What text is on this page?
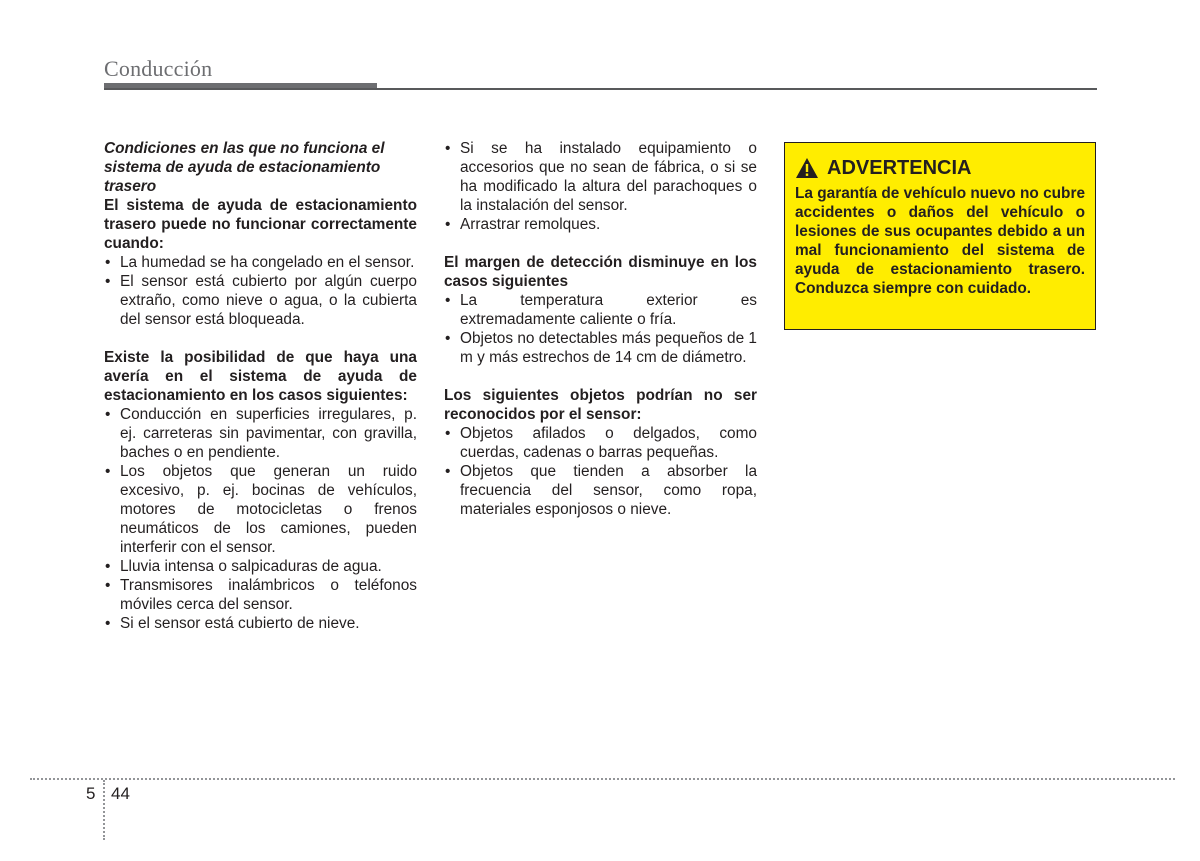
Conducción

Condiciones en las que no funciona el sistema de ayuda de estacionamiento trasero

El sistema de ayuda de estacionamiento trasero puede no funcionar correctamente cuando:

• La humedad se ha congelado en el sensor.
• El sensor está cubierto por algún cuerpo extraño, como nieve o agua, o la cubierta del sensor está bloqueada.

Existe la posibilidad de que haya una avería en el sistema de ayuda de estacionamiento en los casos siguientes:

• Conducción en superficies irregulares, p. ej. carreteras sin pavimentar, con gravilla, baches o en pendiente.
• Los objetos que generan un ruido excesivo, p. ej. bocinas de vehículos, motores de motocicletas o frenos neumáticos de los camiones, pueden interferir con el sensor.
• Lluvia intensa o salpicaduras de agua.
• Transmisores inalámbricos o teléfonos móviles cerca del sensor.
• Si el sensor está cubierto de nieve.
• Si se ha instalado equipamiento o accesorios que no sean de fábrica, o si se ha modificado la altura del parachoques o la instalación del sensor.
• Arrastrar remolques.

El margen de detección disminuye en los casos siguientes

• La temperatura exterior es extremadamente caliente o fría.
• Objetos no detectables más pequeños de 1 m y más estrechos de 14 cm de diámetro.

Los siguientes objetos podrían no ser reconocidos por el sensor:

• Objetos afilados o delgados, como cuerdas, cadenas o barras pequeñas.
• Objetos que tienden a absorber la frecuencia del sensor, como ropa, materiales esponjosos o nieve.
ADVERTENCIA

La garantía de vehículo nuevo no cubre accidentes o daños del vehículo o lesiones de sus ocupantes debido a un mal funcionamiento del sistema de ayuda de estacionamiento trasero. Conduzca siempre con cuidado.

5 44
